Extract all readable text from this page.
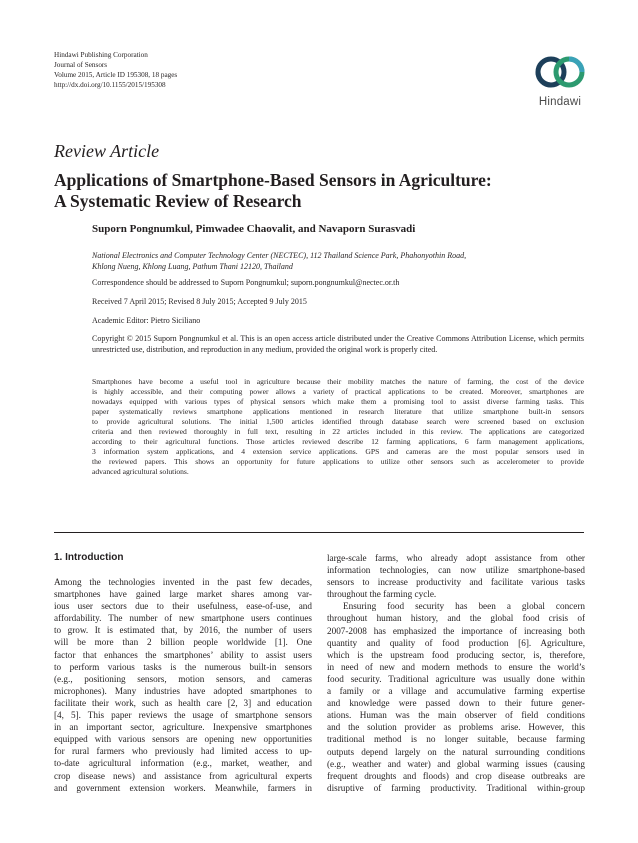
Hindawi Publishing Corporation
Journal of Sensors
Volume 2015, Article ID 195308, 18 pages
http://dx.doi.org/10.1155/2015/195308
Hindawi
Review Article
Applications of Smartphone-Based Sensors in Agriculture:
A Systematic Review of Research
Suporn Pongnumkul, Pimwadee Chaovalit, and Navaporn Surasvadi
National Electronics and Computer Technology Center (NECTEC), 112 Thailand Science Park, Phahonyothin Road,
Khlong Nueng, Khlong Luang, Pathum Thani 12120, Thailand
Correspondence should be addressed to Suporn Pongnumkul; suporn.pongnumkul@nectec.or.th
Received 7 April 2015; Revised 8 July 2015; Accepted 9 July 2015
Academic Editor: Pietro Siciliano
Copyright © 2015 Suporn Pongnumkul et al. This is an open access article distributed under the Creative Commons Attribution License, which permits unrestricted use, distribution, and reproduction in any medium, provided the original work is properly cited.
Smartphones have become a useful tool in agriculture because their mobility matches the nature of farming, the cost of the device
is highly accessible, and their computing power allows a variety of practical applications to be created. Moreover, smartphones are
nowadays equipped with various types of physical sensors which make them a promising tool to assist diverse farming tasks. This
paper systematically reviews smartphone applications mentioned in research literature that utilize smartphone built-in sensors
to provide agricultural solutions. The initial 1,500 articles identified through database search were screened based on exclusion
criteria and then reviewed thoroughly in full text, resulting in 22 articles included in this review. The applications are categorized
according to their agricultural functions. Those articles reviewed describe 12 farming applications, 6 farm management applications,
3 information system applications, and 4 extension service applications. GPS and cameras are the most popular sensors used in
the reviewed papers. This shows an opportunity for future applications to utilize other sensors such as accelerometer to provide
advanced agricultural solutions.
1. Introduction
Among the technologies invented in the past few decades,
smartphones have gained large market shares among var-
ious user sectors due to their usefulness, ease-of-use, and
affordability. The number of new smartphone users continues
to grow. It is estimated that, by 2016, the number of users
will be more than 2 billion people worldwide [1]. One
factor that enhances the smartphones’ ability to assist users
to perform various tasks is the numerous built-in sensors
(e.g., positioning sensors, motion sensors, and cameras
microphones). Many industries have adopted smartphones to
facilitate their work, such as health care [2, 3] and education
[4, 5]. This paper reviews the usage of smartphone sensors
in an important sector, agriculture. Inexpensive smartphones
equipped with various sensors are opening new opportunities
for rural farmers who previously had limited access to up-
to-date agricultural information (e.g., market, weather, and
crop disease news) and assistance from agricultural experts
and government extension workers. Meanwhile, farmers in
large-scale farms, who already adopt assistance from other
information technologies, can now utilize smartphone-based
sensors to increase productivity and facilitate various tasks
throughout the farming cycle.
Ensuring food security has been a global concern
throughout human history, and the global food crisis of
2007-2008 has emphasized the importance of increasing both
quantity and quality of food production [6]. Agriculture,
which is the upstream food producing sector, is, therefore,
in need of new and modern methods to ensure the world’s
food security. Traditional agriculture was usually done within
a family or a village and accumulative farming expertise
and knowledge were passed down to their future gener-
ations. Human was the main observer of field conditions
and the solution provider as problems arise. However, this
traditional method is no longer suitable, because farming
outputs depend largely on the natural surrounding conditions
(e.g., weather and water) and global warming issues (causing
frequent droughts and floods) and crop disease outbreaks are
disruptive of farming productivity. Traditional within-group
